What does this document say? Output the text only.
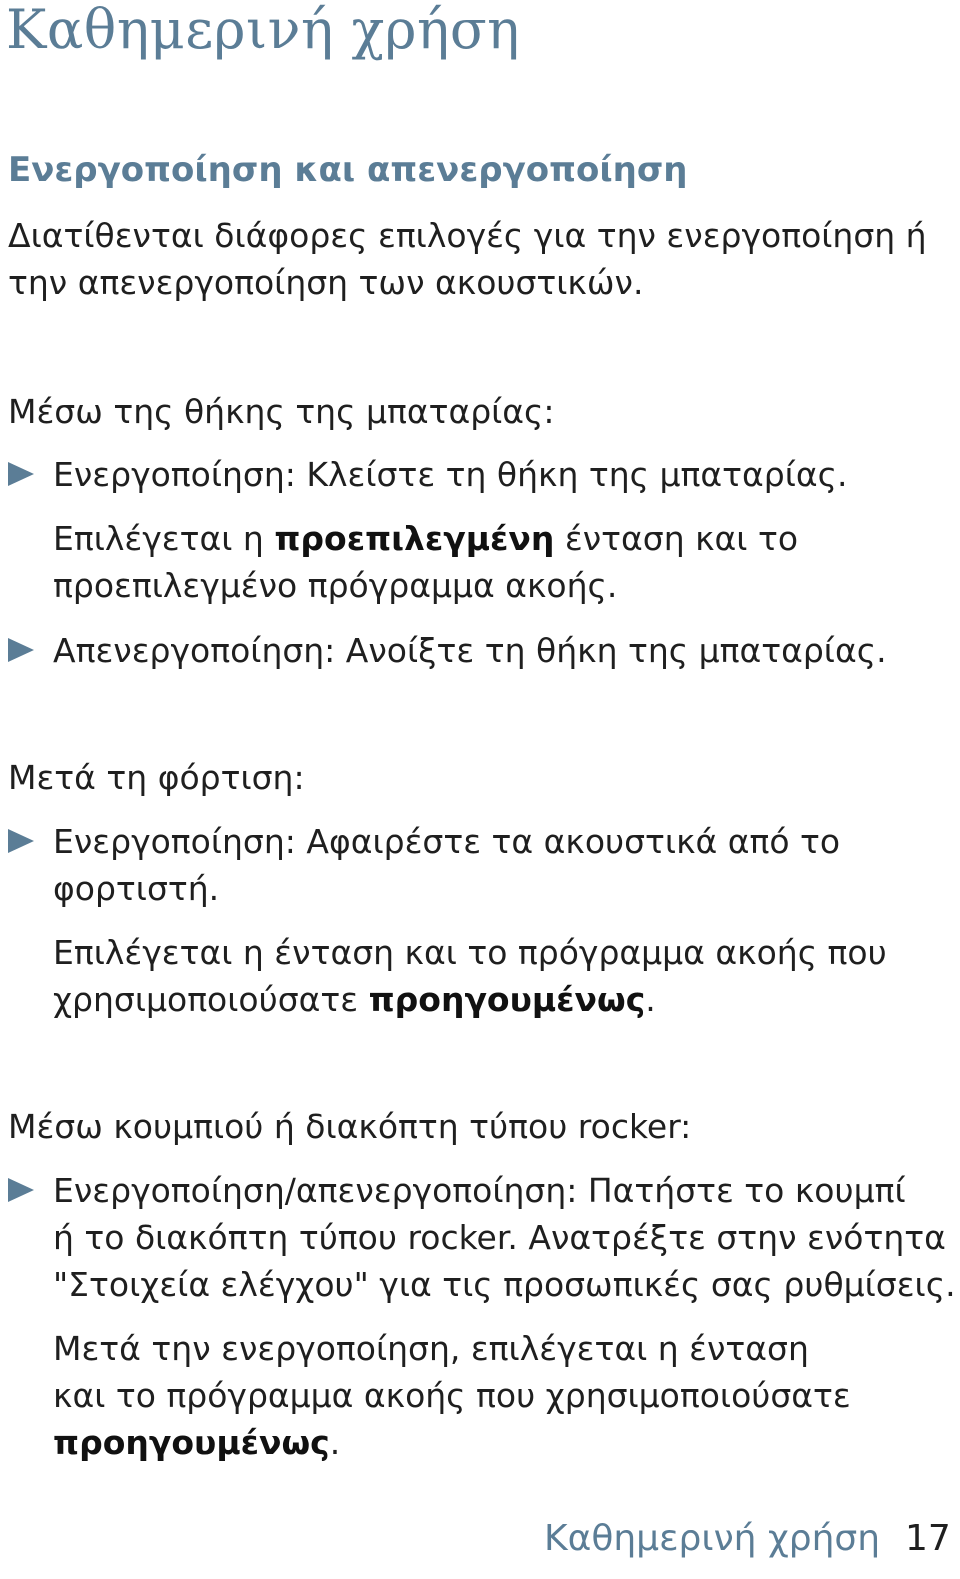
Καθημερινή χρήση
Ενεργοποίηση και απενεργοποίηση

Διατίθενται διάφορες επιλογές για την ενεργοποίηση ή

την απενεργοποίηση των ακουστικών.

Μέσω της θήκης της μπαταρίας:

Ενεργοποίηση: Κλείστε τη θήκη της μπαταρίας.

Επιλέγεται η προεπιλεγμένη ένταση και το

προεπιλεγμένο πρόγραμμα ακοής.

Απενεργοποίηση: Ανοίξτε τη θήκη της μπαταρίας.

Μετά τη φόρτιση:

Ενεργοποίηση: Αφαιρέστε τα ακουστικά από το

φορτιστή.

Επιλέγεται η ένταση και το πρόγραμμα ακοής που

χρησιμοποιούσατε προηγουμένως.

Μέσω κουμπιού ή διακόπτη τύπου rocker:

Ενεργοποίηση/απενεργοποίηση: Πατήστε το κουμπί

ή το διακόπτη τύπου rocker. Ανατρέξτε στην ενότητα

"Στοιχεία ελέγχου" για τις προσωπικές σας ρυθμίσεις.

Μετά την ενεργοποίηση, επιλέγεται η ένταση

και το πρόγραμμα ακοής που χρησιμοποιούσατε

προηγουμένως.

Καθημερινή χρήση 17
